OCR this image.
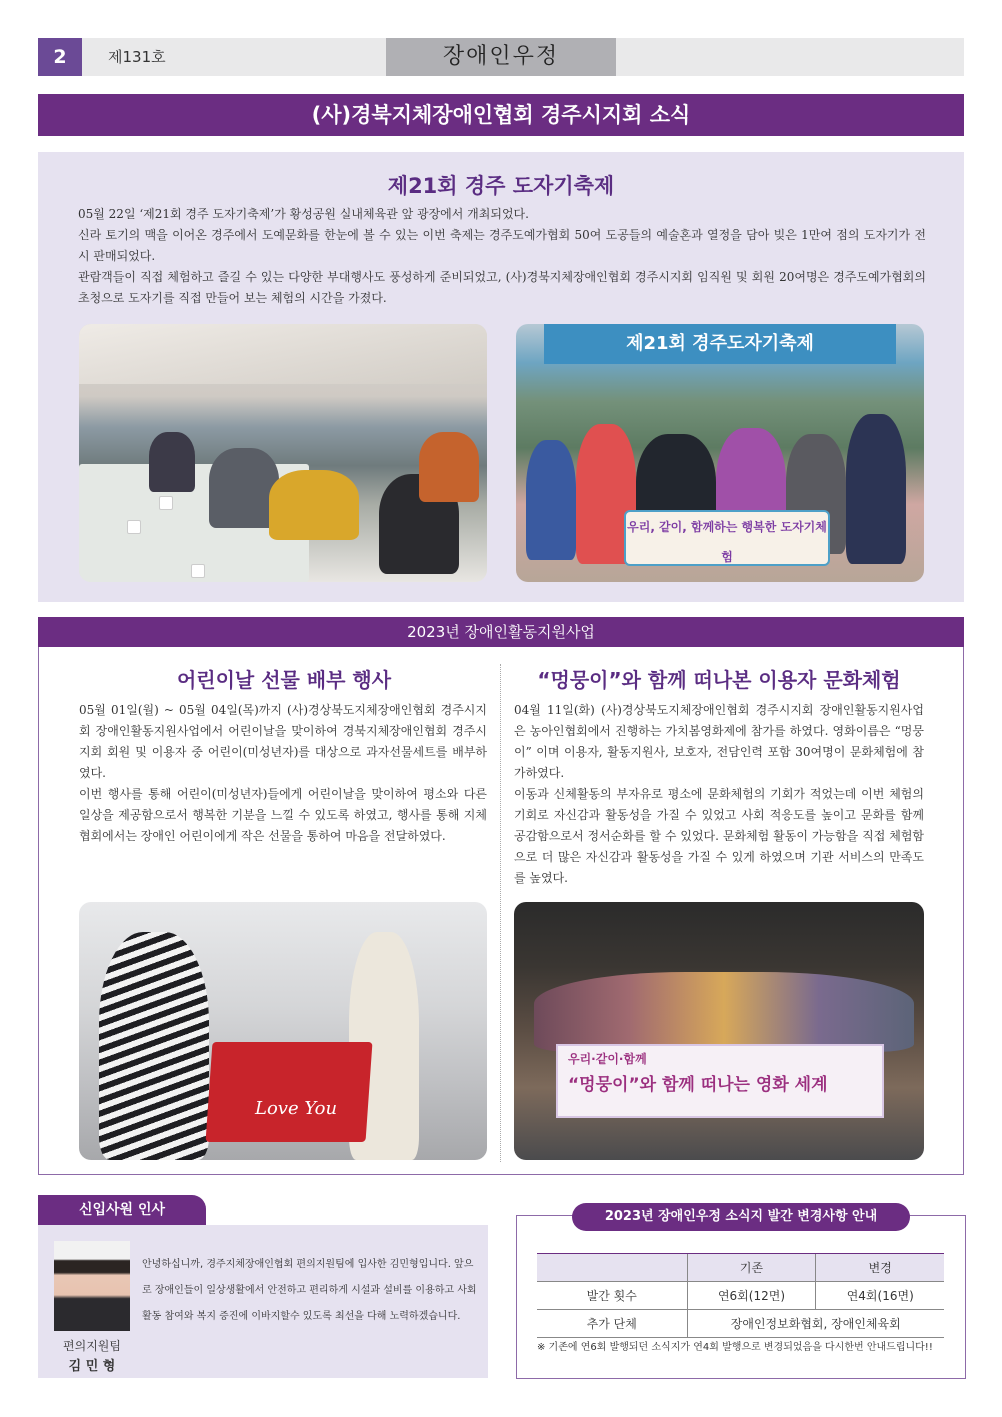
2	제131호	장애인우정
(사)경북지체장애인협회 경주시지회 소식
제21회 경주 도자기축제

05월 22일 ‘제21회 경주 도자기축제’가 황성공원 실내체육관 앞 광장에서 개최되었다.

신라 토기의 맥을 이어온 경주에서 도예문화를 한눈에 볼 수 있는 이번 축제는 경주도예가협회 50여 도공들의 예술혼과 열정을 담아 빚은 1만여 점의 도자기가 전시 판매되었다.

관람객들이 직접 체험하고 즐길 수 있는 다양한 부대행사도 풍성하게 준비되었고, (사)경북지체장애인협회 경주시지회 임직원 및 회원 20여명은 경주도예가협회의 초청으로 도자기를 직접 만들어 보는 체험의 시간을 가졌다.

제21회 경주도자기축제
우리, 같이, 함께하는 행복한 도자기체험
2023년 장애인활동지원사업
어린이날 선물 배부 행사

05월 01일(월) ~ 05월 04일(목)까지 (사)경상북도지체장애인협회 경주시지회 장애인활동지원사업에서 어린이날을 맞이하여 경북지체장애인협회 경주시지회 회원 및 이용자 중 어린이(미성년자)를 대상으로 과자선물세트를 배부하였다.

이번 행사를 통해 어린이(미성년자)들에게 어린이날을 맞이하여 평소와 다른 일상을 제공함으로서 행복한 기분을 느낄 수 있도록 하였고, 행사를 통해 지체협회에서는 장애인 어린이에게 작은 선물을 통하여 마음을 전달하였다.

“멍뭉이”와 함께 떠나본 이용자 문화체험

04월 11일(화) (사)경상북도지체장애인협회 경주시지회 장애인활동지원사업은 농아인협회에서 진행하는 가치봄영화제에 참가를 하였다. 영화이름은 “멍뭉이” 이며 이용자, 활동지원사, 보호자, 전담인력 포함 30여명이 문화체험에 참가하였다.

이동과 신체활동의 부자유로 평소에 문화체험의 기회가 적었는데 이번 체험의 기회로 자신감과 활동성을 가질 수 있었고 사회 적응도를 높이고 문화를 함께 공감함으로서 정서순화를 할 수 있었다. 문화체험 활동이 가능함을 직접 체험함으로 더 많은 자신감과 활동성을 가질 수 있게 하였으며 기관 서비스의 만족도를 높였다.

Love You
우리·같이·함께
“멍뭉이”와 함께 떠나는 영화 세계
신입사원 인사
편의지원팀
김 민 형
안녕하십니까, 경주지체장애인협회 편의지원팀에 입사한 김민형입니다. 앞으로 장애인들이 일상생활에서 안전하고 편리하게 시설과 설비를 이용하고 사회활동 참여와 복지 증진에 이바지할수 있도록 최선을 다해 노력하겠습니다.
2023년 장애인우정 소식지 발간 변경사항 안내
	기존	변경
발간 횟수	연6회(12면)	연4회(16면)
추가 단체	장애인정보화협회, 장애인체육회	
※ 기존에 연6회 발행되던 소식지가 연4회 발행으로 변경되었음을 다시한번 안내드립니다!!
